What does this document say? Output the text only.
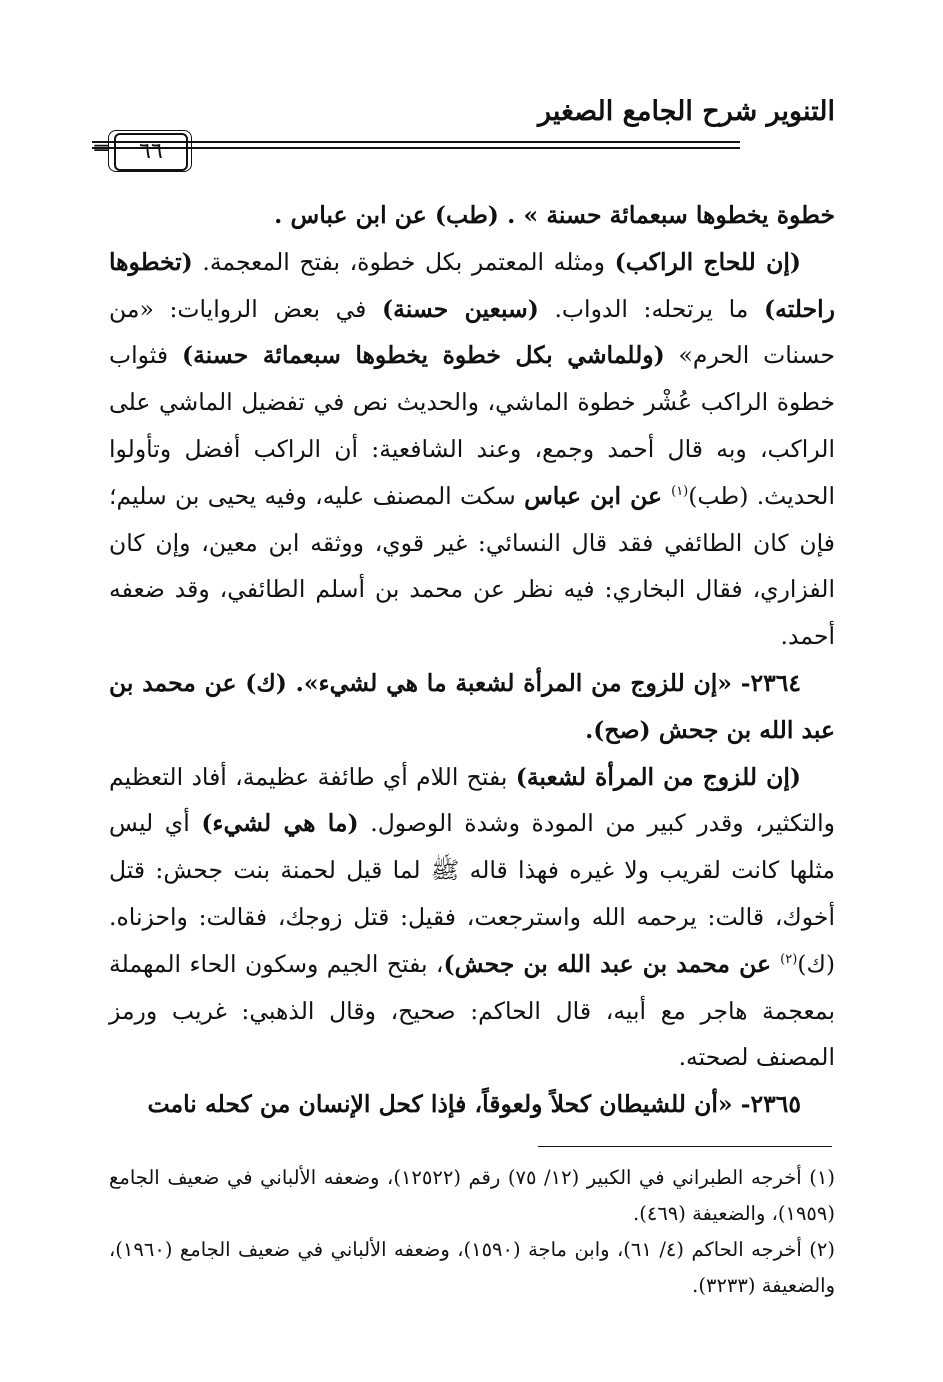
التنوير شرح الجامع الصغير
=	٦٦

خطوة يخطوها سبعمائة حسنة » . (طب) عن ابن عباس .

(إن للحاج الراكب) ومثله المعتمر بكل خطوة، بفتح المعجمة. (تخطوها راحلته) ما يرتحله: الدواب. (سبعين حسنة) في بعض الروايات: «من حسنات الحرم» (وللماشي بكل خطوة يخطوها سبعمائة حسنة) فثواب خطوة الراكب عُشْر خطوة الماشي، والحديث نص في تفضيل الماشي على الراكب، وبه قال أحمد وجمع، وعند الشافعية: أن الراكب أفضل وتأولوا الحديث. (طب)$^{(١)}$ عن ابن عباس سكت المصنف عليه، وفيه يحيى بن سليم؛ فإن كان الطائفي فقد قال النسائي: غير قوي، ووثقه ابن معين، وإن كان الفزاري، فقال البخاري: فيه نظر عن محمد بن أسلم الطائفي، وقد ضعفه أحمد.

٢٣٦٤- «إن للزوج من المرأة لشعبة ما هي لشيء». (ك) عن محمد بن عبد الله بن جحش (صح).

(إن للزوج من المرأة لشعبة) بفتح اللام أي طائفة عظيمة، أفاد التعظيم والتكثير، وقدر كبير من المودة وشدة الوصول. (ما هي لشيء) أي ليس مثلها كانت لقريب ولا غيره فهذا قاله ﷺ لما قيل لحمنة بنت جحش: قتل أخوك، قالت: يرحمه الله واسترجعت، فقيل: قتل زوجك، فقالت: واحزناه. (ك)$^{(٢)}$ عن محمد بن عبد الله بن جحش)، بفتح الجيم وسكون الحاء المهملة بمعجمة هاجر مع أبيه، قال الحاكم: صحيح، وقال الذهبي: غريب ورمز المصنف لصحته.

٢٣٦٥- «أن للشيطان كحلاً ولعوقاً، فإذا كحل الإنسان من كحله نامت

(١) أخرجه الطبراني في الكبير (١٢/ ٧٥) رقم (١٢٥٢٢)، وضعفه الألباني في ضعيف الجامع (١٩٥٩)، والضعيفة (٤٦٩).

(٢) أخرجه الحاكم (٤/ ٦١)، وابن ماجة (١٥٩٠)، وضعفه الألباني في ضعيف الجامع (١٩٦٠)، والضعيفة (٣٢٣٣).
